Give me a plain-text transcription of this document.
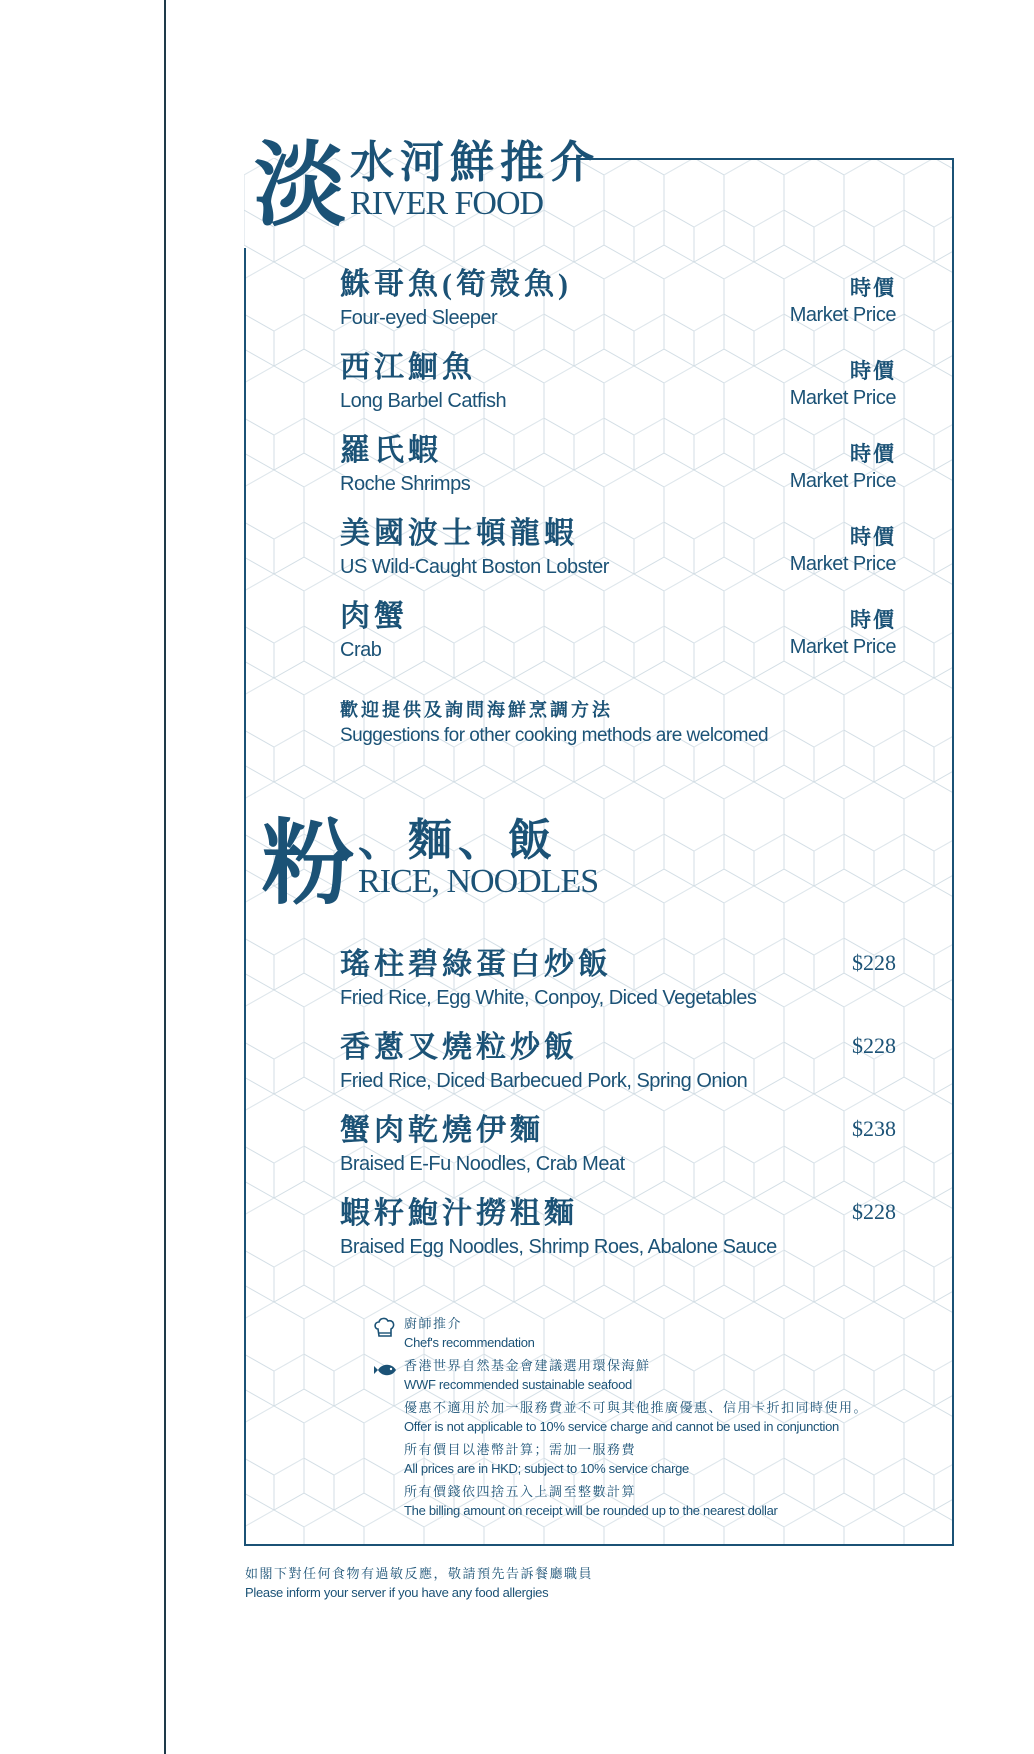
淡 水河鮮推介
RIVER FOOD
鮢哥魚(筍殼魚)
Four-eyed Sleeper
時價
Market Price
西江鮰魚
Long Barbel Catfish
時價
Market Price
羅氏蝦
Roche Shrimps
時價
Market Price
美國波士頓龍蝦
US Wild-Caught Boston Lobster
時價
Market Price
肉蟹
Crab
時價
Market Price
歡迎提供及詢問海鮮烹調方法
Suggestions for other cooking methods are welcomed
粉 、麵、飯
RICE, NOODLES
瑤柱碧綠蛋白炒飯
Fried Rice, Egg White, Conpoy, Diced Vegetables
$228
香蔥叉燒粒炒飯
Fried Rice, Diced Barbecued Pork, Spring Onion
$228
蟹肉乾燒伊麵
Braised E-Fu Noodles, Crab Meat
$238
蝦籽鮑汁撈粗麵
Braised Egg Noodles, Shrimp Roes, Abalone Sauce
$228
廚師推介
Chef's recommendation
香港世界自然基金會建議選用環保海鮮
WWF recommended sustainable seafood
優惠不適用於加一服務費並不可與其他推廣優惠、信用卡折扣同時使用。
Offer is not applicable to 10% service charge and cannot be used in conjunction
所有價目以港幣計算；需加一服務費
All prices are in HKD; subject to 10% service charge
所有價錢依四捨五入上調至整數計算
The billing amount on receipt will be rounded up to the nearest dollar
如閣下對任何食物有過敏反應，敬請預先告訴餐廳職員
Please inform your server if you have any food allergies
